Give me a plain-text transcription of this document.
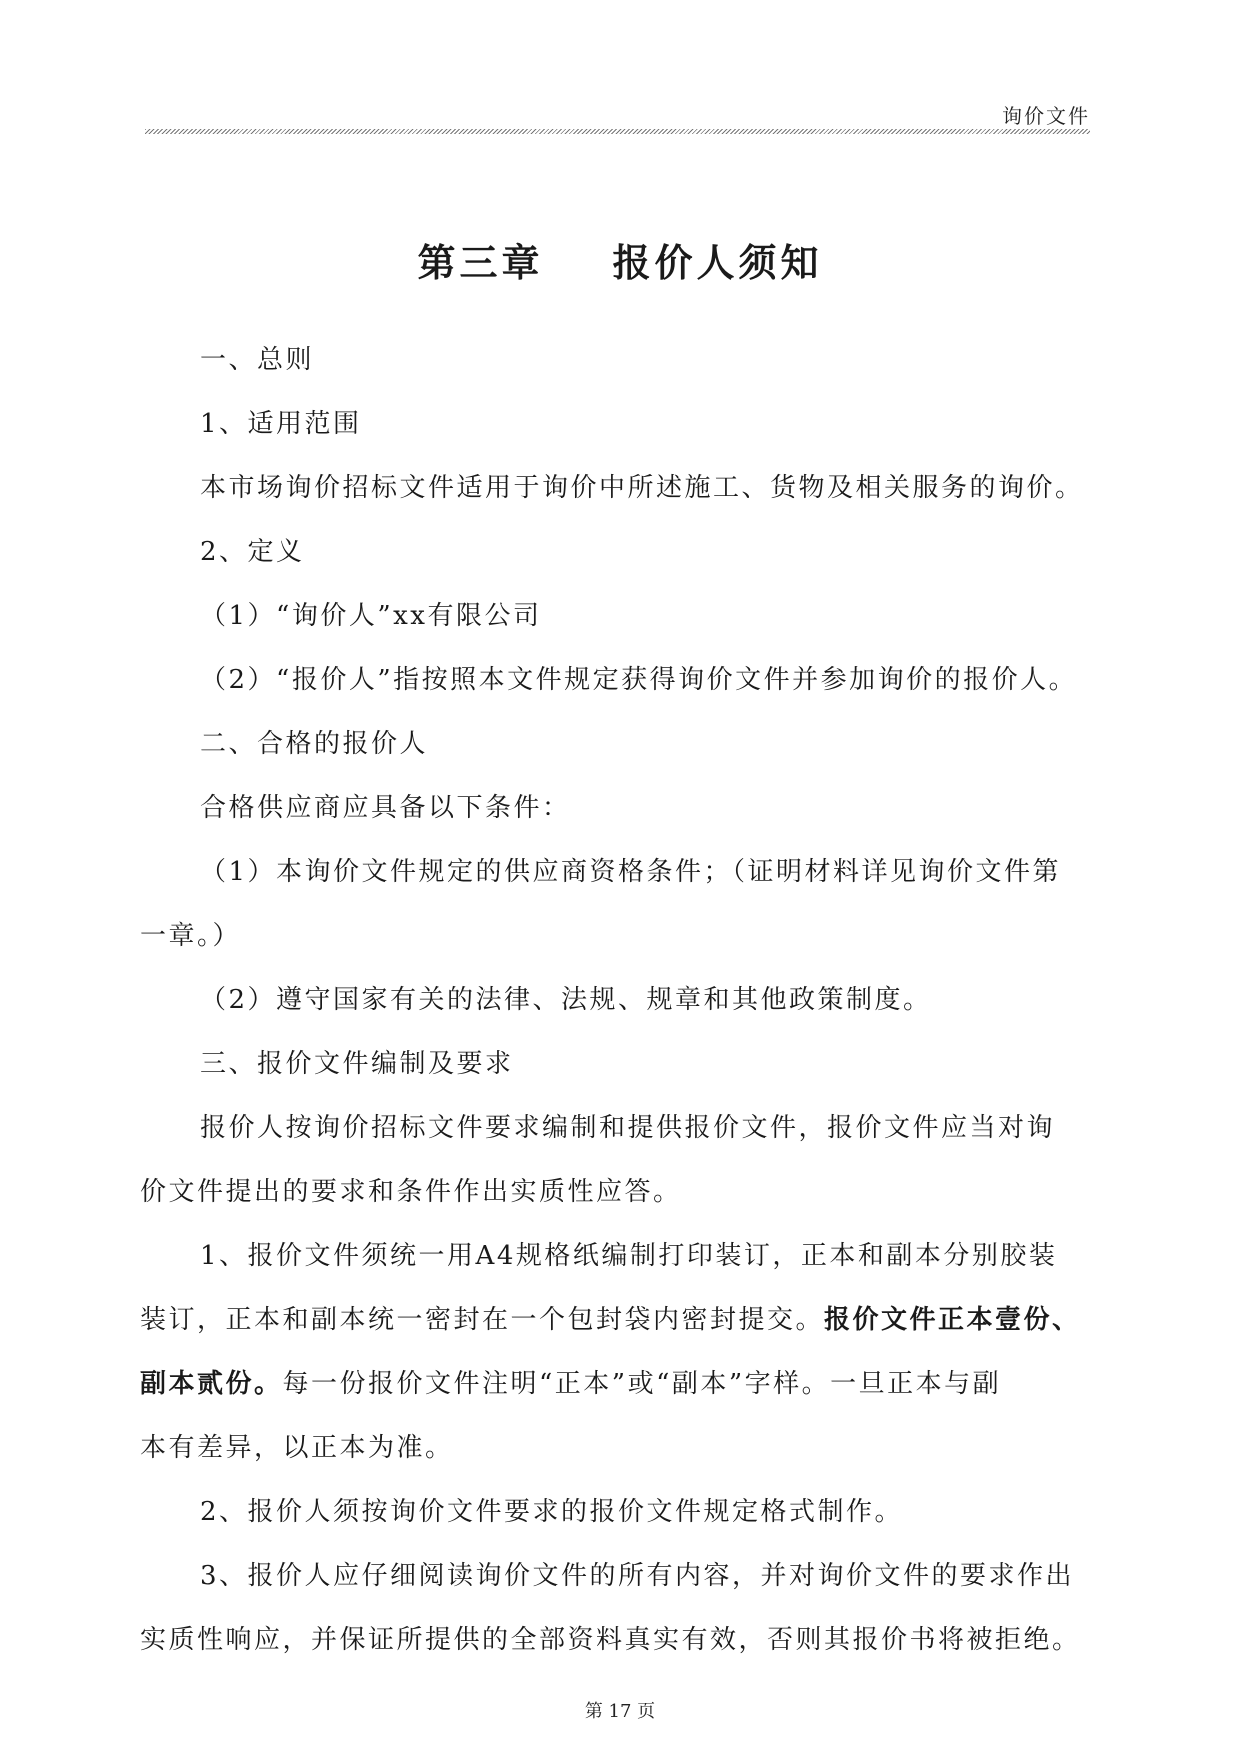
询价文件
第三章    报价人须知
一、总则
1、适用范围
本市场询价招标文件适用于询价中所述施工、货物及相关服务的询价。
2、定义
（1）“询价人”xx有限公司
（2）“报价人”指按照本文件规定获得询价文件并参加询价的报价人。
二、合格的报价人
合格供应商应具备以下条件：
（1）本询价文件规定的供应商资格条件；（证明材料详见询价文件第
一章。）
（2）遵守国家有关的法律、法规、规章和其他政策制度。
三、报价文件编制及要求
报价人按询价招标文件要求编制和提供报价文件，报价文件应当对询
价文件提出的要求和条件作出实质性应答。
1、报价文件须统一用A4规格纸编制打印装订，正本和副本分别胶装
装订，正本和副本统一密封在一个包封袋内密封提交。报价文件正本壹份、
副本贰份。每一份报价文件注明“正本”或“副本”字样。一旦正本与副
本有差异，以正本为准。
2、报价人须按询价文件要求的报价文件规定格式制作。
3、报价人应仔细阅读询价文件的所有内容，并对询价文件的要求作出
实质性响应，并保证所提供的全部资料真实有效，否则其报价书将被拒绝。
第 17 页
